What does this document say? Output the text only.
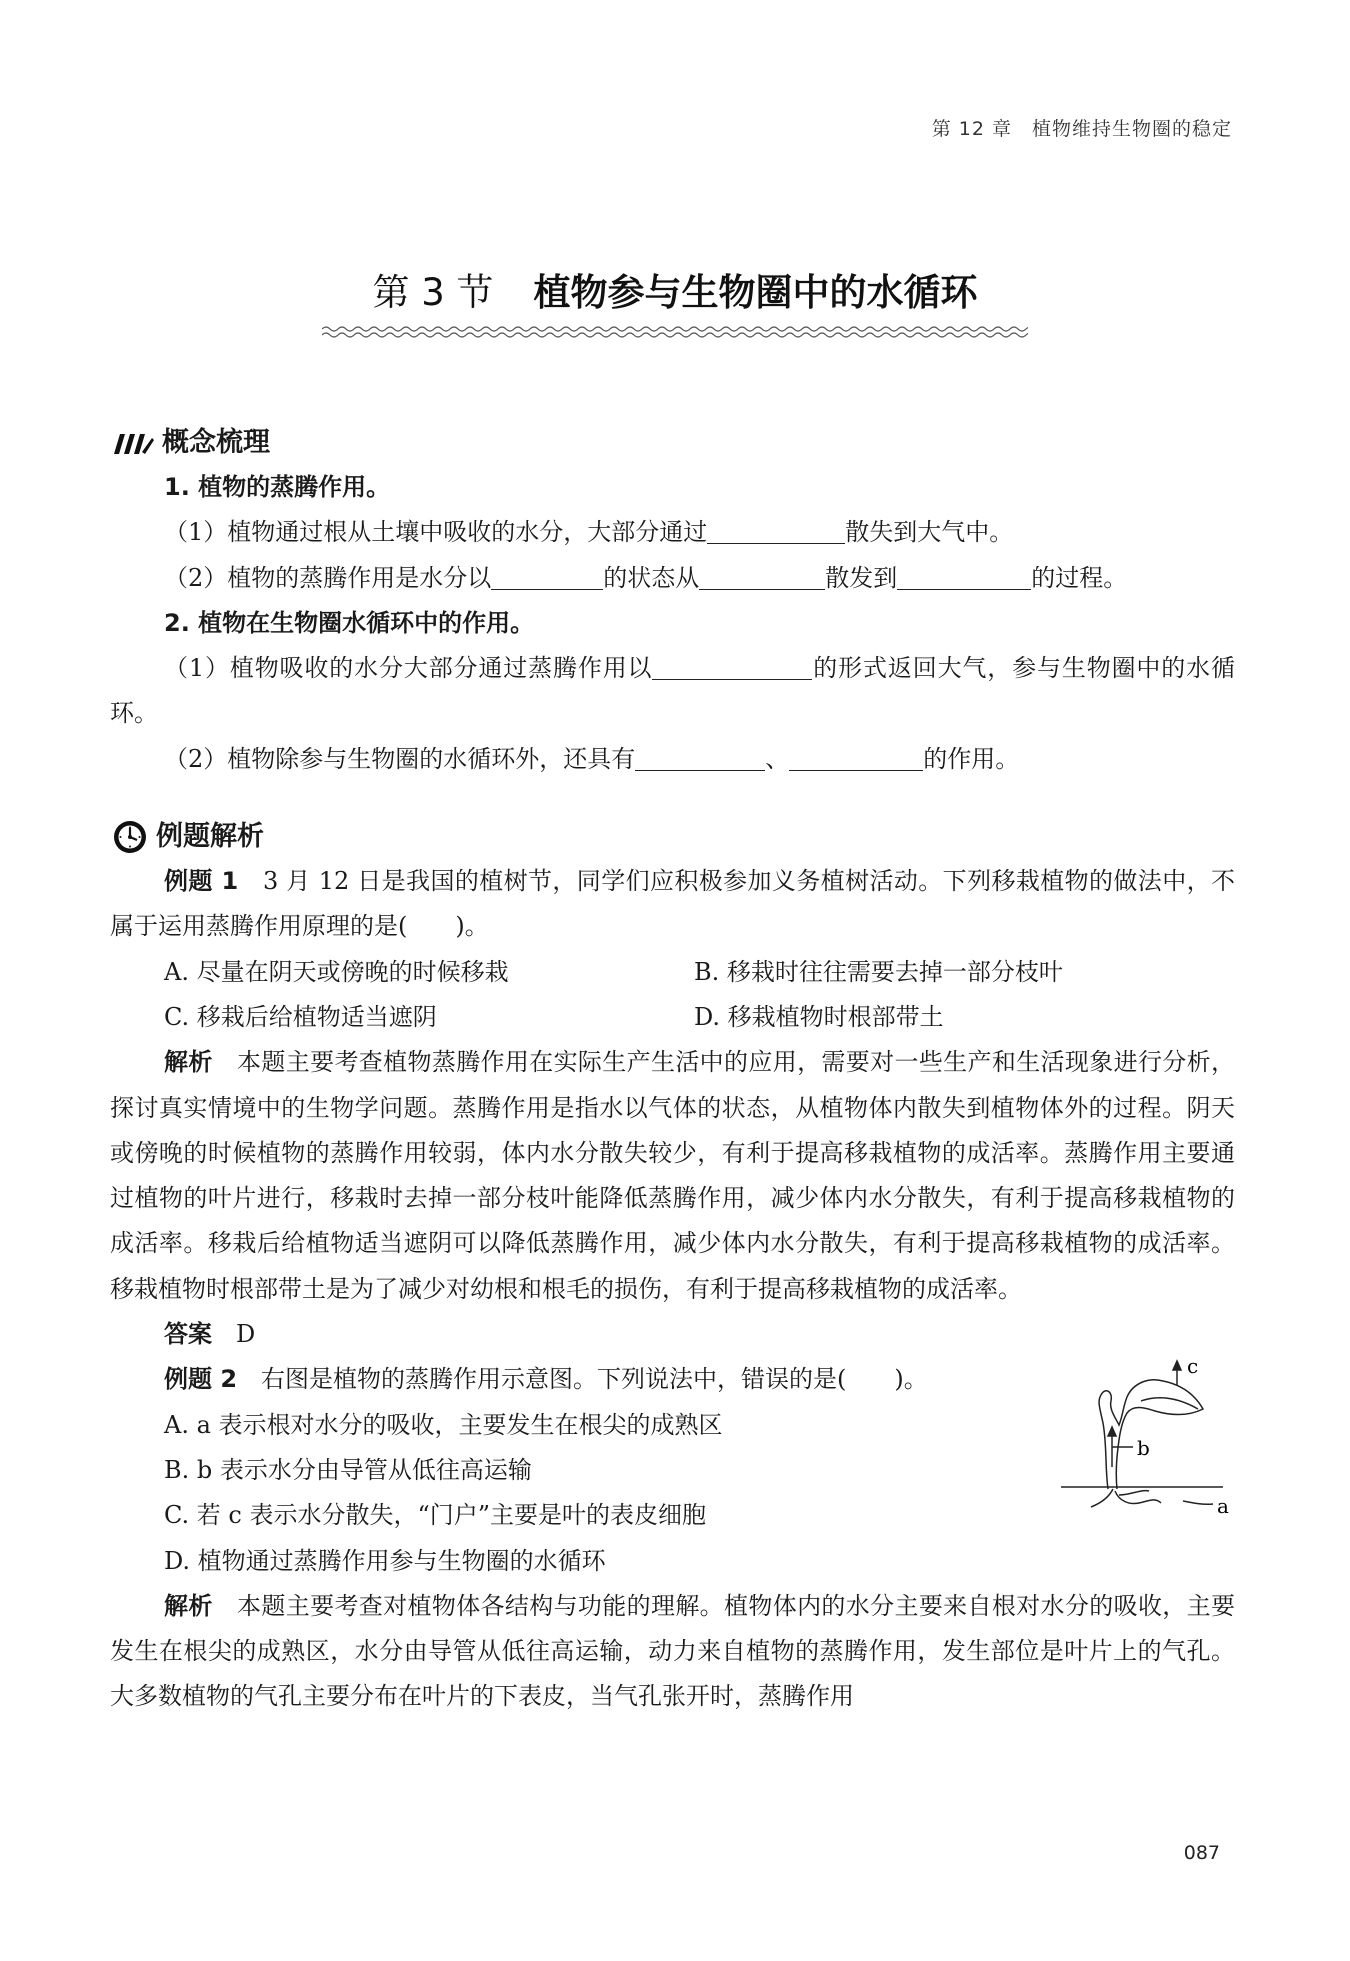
第 12 章　植物维持生物圈的稳定
第 3 节 植物参与生物圈中的水循环
概念梳理

1. 植物的蒸腾作用。

（1）植物通过根从土壤中吸收的水分，大部分通过	散失到大气中。

（2）植物的蒸腾作用是水分以	的状态从	散发到	的过程。

2. 植物在生物圈水循环中的作用。

（1）植物吸收的水分大部分通过蒸腾作用以	的形式返回大气，参与生物圈中的水循环。

（2）植物除参与生物圈的水循环外，还具有	、	的作用。

例题解析

例题 1　3 月 12 日是我国的植树节，同学们应积极参加义务植树活动。下列移栽植物的做法中，不属于运用蒸腾作用原理的是(　　)。

A. 尽量在阴天或傍晚的时候移栽	B. 移栽时往往需要去掉一部分枝叶
C. 移栽后给植物适当遮阴	D. 移栽植物时根部带土

解析　本题主要考查植物蒸腾作用在实际生产生活中的应用，需要对一些生产和生活现象进行分析，探讨真实情境中的生物学问题。蒸腾作用是指水以气体的状态，从植物体内散失到植物体外的过程。阴天或傍晚的时候植物的蒸腾作用较弱，体内水分散失较少，有利于提高移栽植物的成活率。蒸腾作用主要通过植物的叶片进行，移栽时去掉一部分枝叶能降低蒸腾作用，减少体内水分散失，有利于提高移栽植物的成活率。移栽后给植物适当遮阴可以降低蒸腾作用，减少体内水分散失，有利于提高移栽植物的成活率。移栽植物时根部带土是为了减少对幼根和根毛的损伤，有利于提高移栽植物的成活率。

答案　D

例题 2　右图是植物的蒸腾作用示意图。下列说法中，错误的是(　　)。

A. a 表示根对水分的吸收，主要发生在根尖的成熟区

B. b 表示水分由导管从低往高运输

C. 若 c 表示水分散失，“门户”主要是叶的表皮细胞

D. 植物通过蒸腾作用参与生物圈的水循环

b
c
a

解析　本题主要考查对植物体各结构与功能的理解。植物体内的水分主要来自根对水分的吸收，主要发生在根尖的成熟区，水分由导管从低往高运输，动力来自植物的蒸腾作用，发生部位是叶片上的气孔。大多数植物的气孔主要分布在叶片的下表皮，当气孔张开时，蒸腾作用

087
